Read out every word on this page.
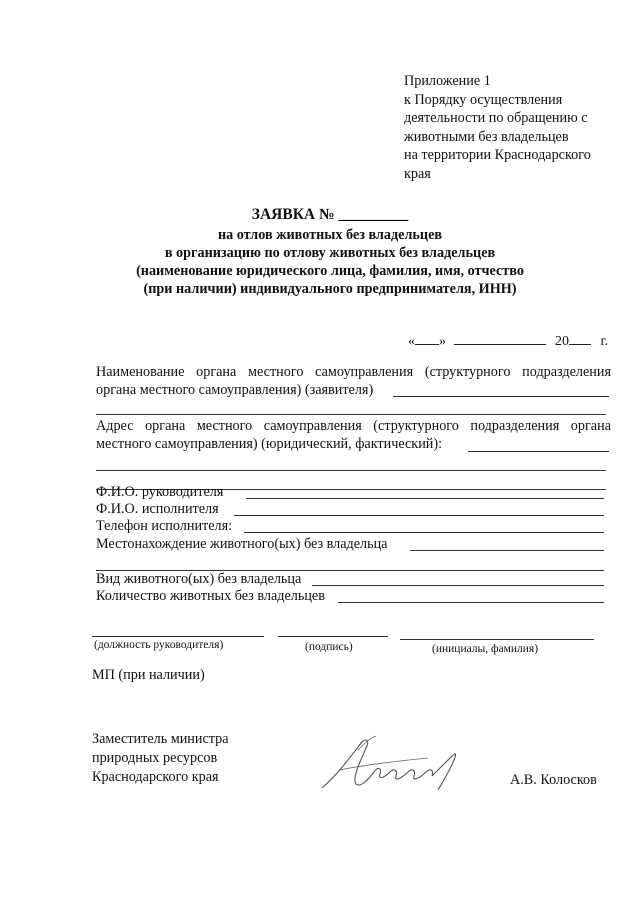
Приложение 1
к Порядку осуществления
деятельности по обращению с
животными без владельцев
на территории Краснодарского
края
ЗАЯВКА № _________
на отлов животных без владельцев
в организацию по отлову животных без владельцев
(наименование юридического лица, фамилия, имя, отчество
(при наличии) индивидуального предпринимателя, ИНН)
« »	20 г.
Наименование органа местного самоуправления (структурного подразделения органа местного самоуправления) (заявителя)
Адрес органа местного самоуправления (структурного подразделения органа местного самоуправления) (юридический, фактический):
Ф.И.О. руководителя
Ф.И.О. исполнителя
Телефон исполнителя:
Местонахождение животного(ых) без владельца
Вид животного(ых) без владельца
Количество животных без владельцев
(должность руководителя)	(подпись)	(инициалы, фамилия)
МП (при наличии)
Заместитель министра
природных ресурсов
Краснодарского края	А.В. Колосков
